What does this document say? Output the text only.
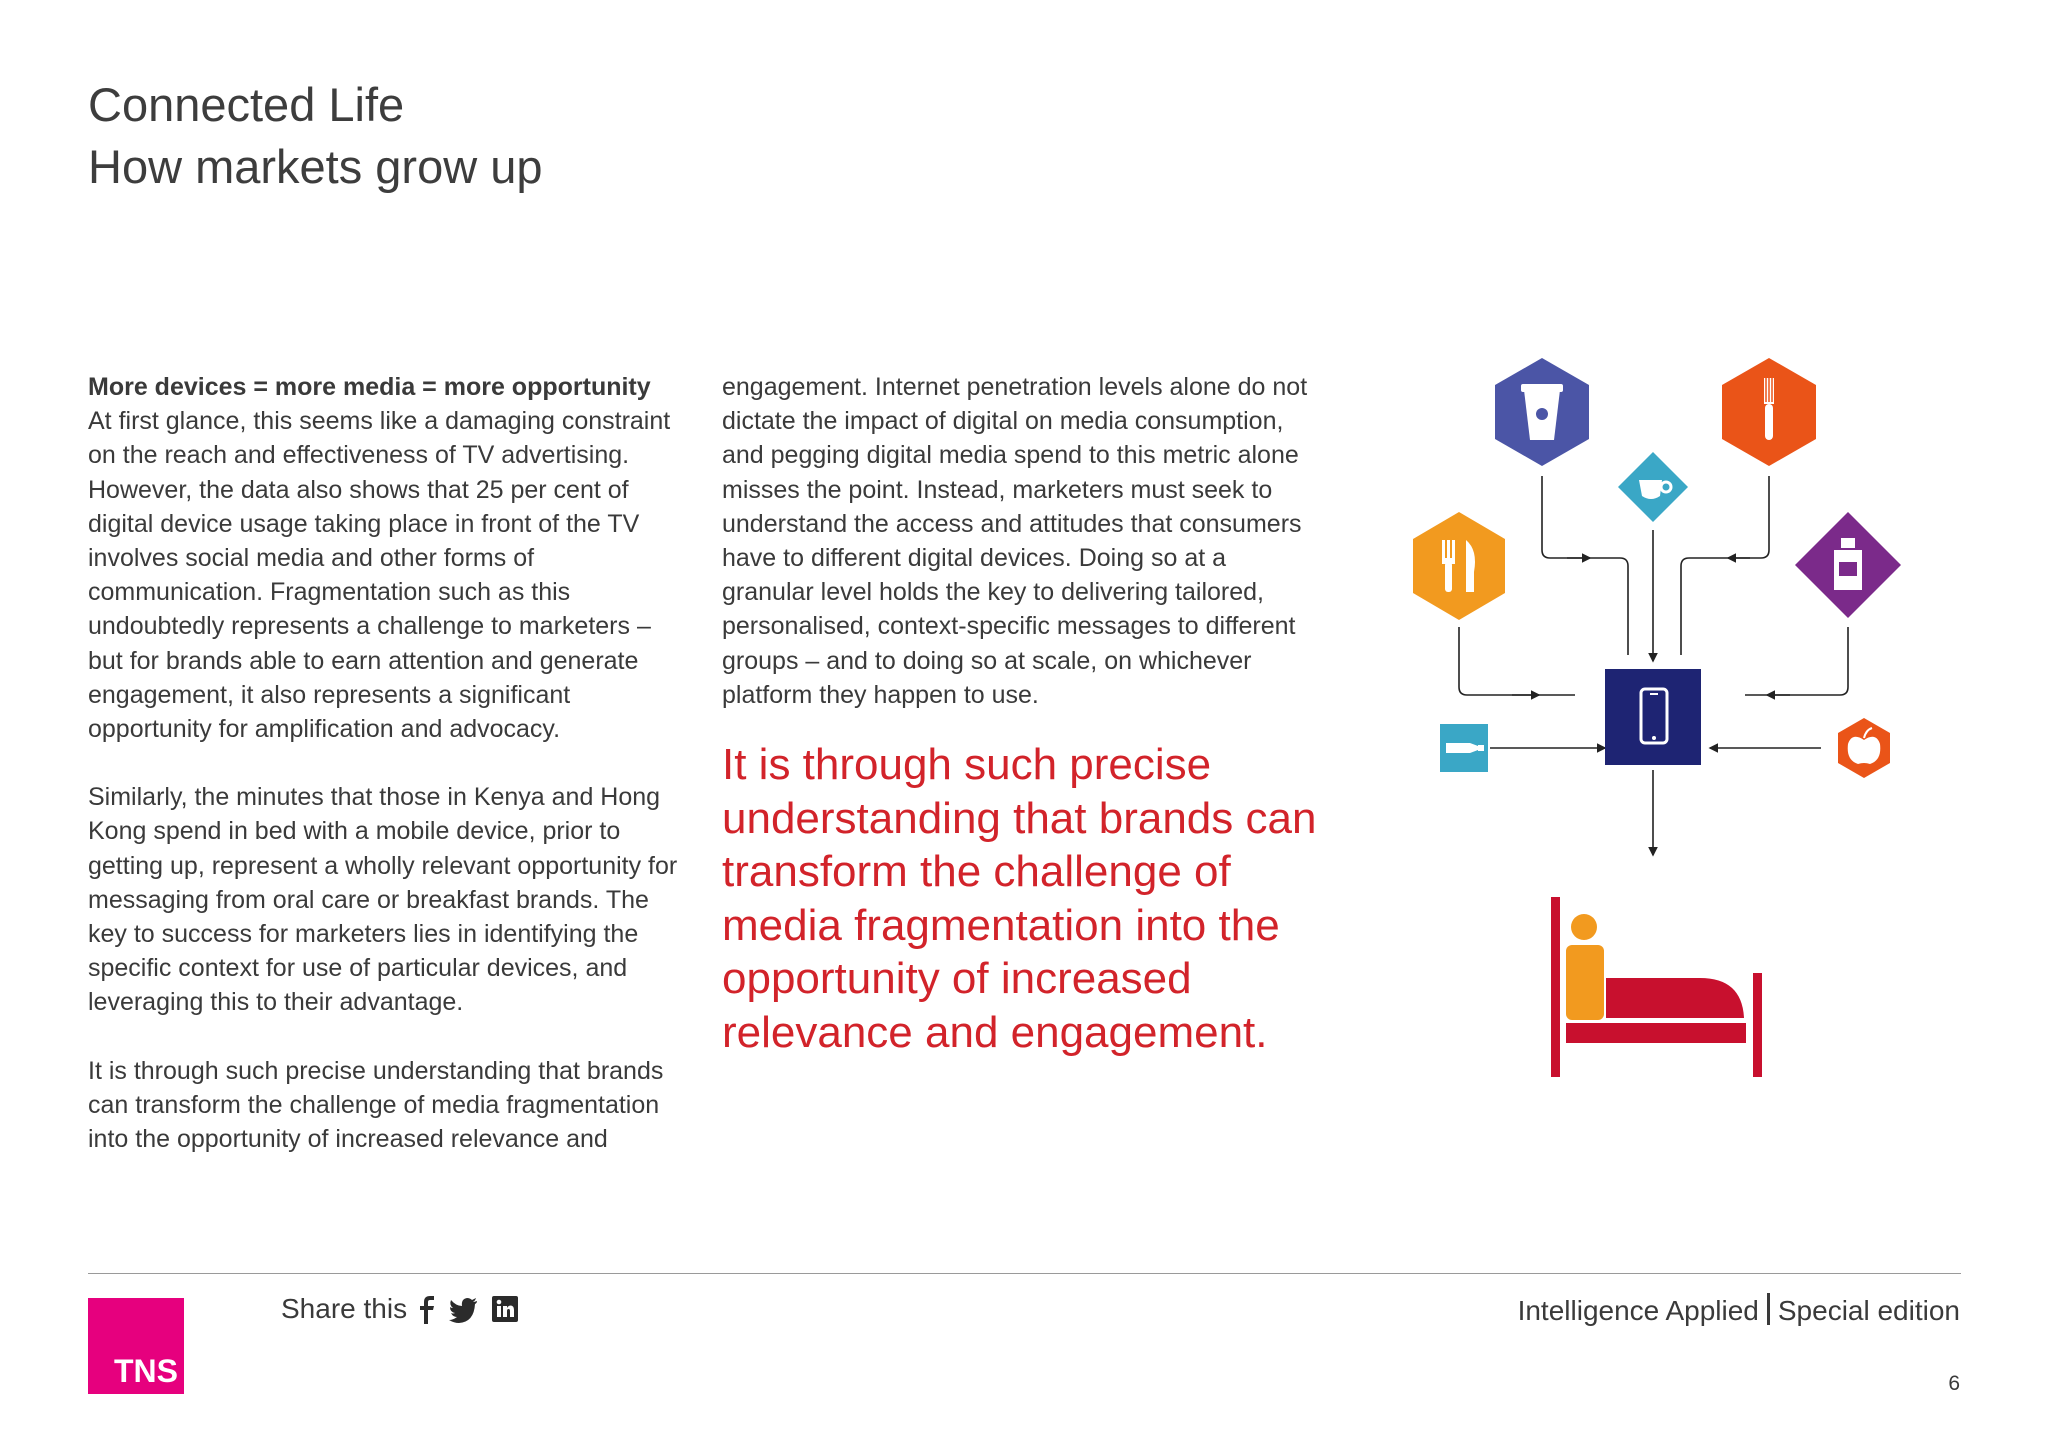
Connected Life
How markets grow up

More devices = more media = more opportunity
At first glance, this seems like a damaging constraint on the reach and effectiveness of TV advertising. However, the data also shows that 25 per cent of digital device usage taking place in front of the TV involves social media and other forms of communication. Fragmentation such as this undoubtedly represents a challenge to marketers – but for brands able to earn attention and generate engagement, it also represents a significant opportunity for amplification and advocacy.

Similarly, the minutes that those in Kenya and Hong Kong spend in bed with a mobile device, prior to getting up, represent a wholly relevant opportunity for messaging from oral care or breakfast brands. The key to success for marketers lies in identifying the specific context for use of particular devices, and leveraging this to their advantage.

It is through such precise understanding that brands can transform the challenge of media fragmentation into the opportunity of increased relevance and

engagement. Internet penetration levels alone do not dictate the impact of digital on media consumption, and pegging digital media spend to this metric alone misses the point. Instead, marketers must seek to understand the access and attitudes that consumers have to different digital devices. Doing so at a granular level holds the key to delivering tailored, personalised, context-specific messages to different groups – and to doing so at scale, on whichever platform they happen to use.

It is through such precise understanding that brands can transform the challenge of media fragmentation into the opportunity of increased relevance and engagement.
TNS
Share this	Intelligence Applied Special edition
6
